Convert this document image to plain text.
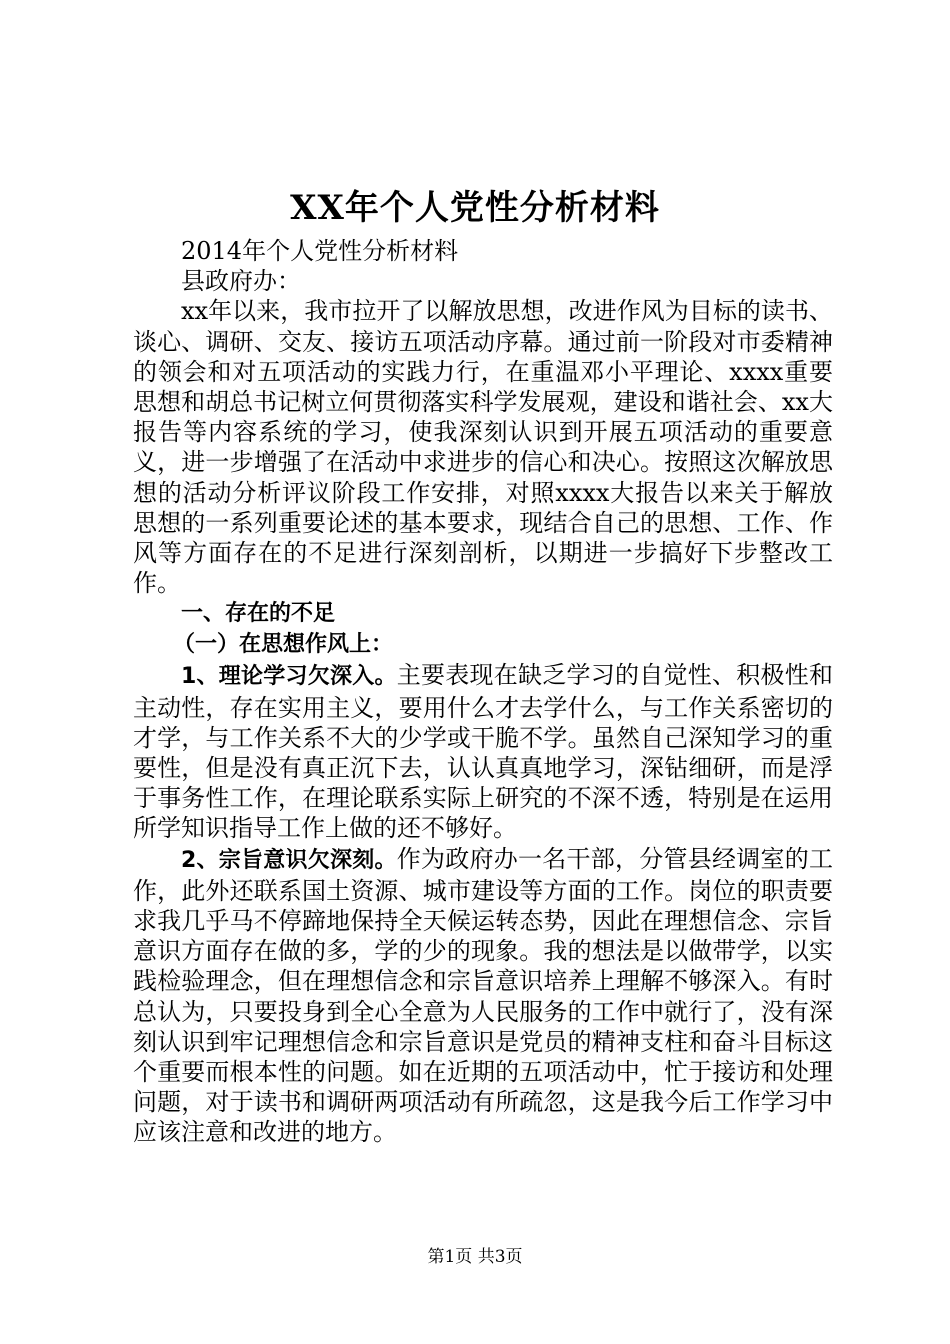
XX年个人党性分析材料

2014年个人党性分析材料

县政府办：

xx年以来，我市拉开了以解放思想，改进作风为目标的读书、谈心、调研、交友、接访五项活动序幕。通过前一阶段对市委精神的领会和对五项活动的实践力行，在重温邓小平理论、xxxx重要思想和胡总书记树立何贯彻落实科学发展观，建设和谐社会、xx大报告等内容系统的学习，使我深刻认识到开展五项活动的重要意义，进一步增强了在活动中求进步的信心和决心。按照这次解放思想的活动分析评议阶段工作安排，对照xxxx大报告以来关于解放思想的一系列重要论述的基本要求，现结合自己的思想、工作、作风等方面存在的不足进行深刻剖析，以期进一步搞好下步整改工作。

一、存在的不足

（一）在思想作风上：

1、理论学习欠深入。主要表现在缺乏学习的自觉性、积极性和主动性，存在实用主义，要用什么才去学什么，与工作关系密切的才学，与工作关系不大的少学或干脆不学。虽然自己深知学习的重要性，但是没有真正沉下去，认认真真地学习，深钻细研，而是浮于事务性工作，在理论联系实际上研究的不深不透，特别是在运用所学知识指导工作上做的还不够好。

2、宗旨意识欠深刻。作为政府办一名干部，分管县经调室的工作，此外还联系国土资源、城市建设等方面的工作。岗位的职责要求我几乎马不停蹄地保持全天候运转态势，因此在理想信念、宗旨意识方面存在做的多，学的少的现象。我的想法是以做带学，以实践检验理念，但在理想信念和宗旨意识培养上理解不够深入。有时总认为，只要投身到全心全意为人民服务的工作中就行了，没有深刻认识到牢记理想信念和宗旨意识是党员的精神支柱和奋斗目标这个重要而根本性的问题。如在近期的五项活动中，忙于接访和处理问题，对于读书和调研两项活动有所疏忽，这是我今后工作学习中应该注意和改进的地方。

第1页 共3页
